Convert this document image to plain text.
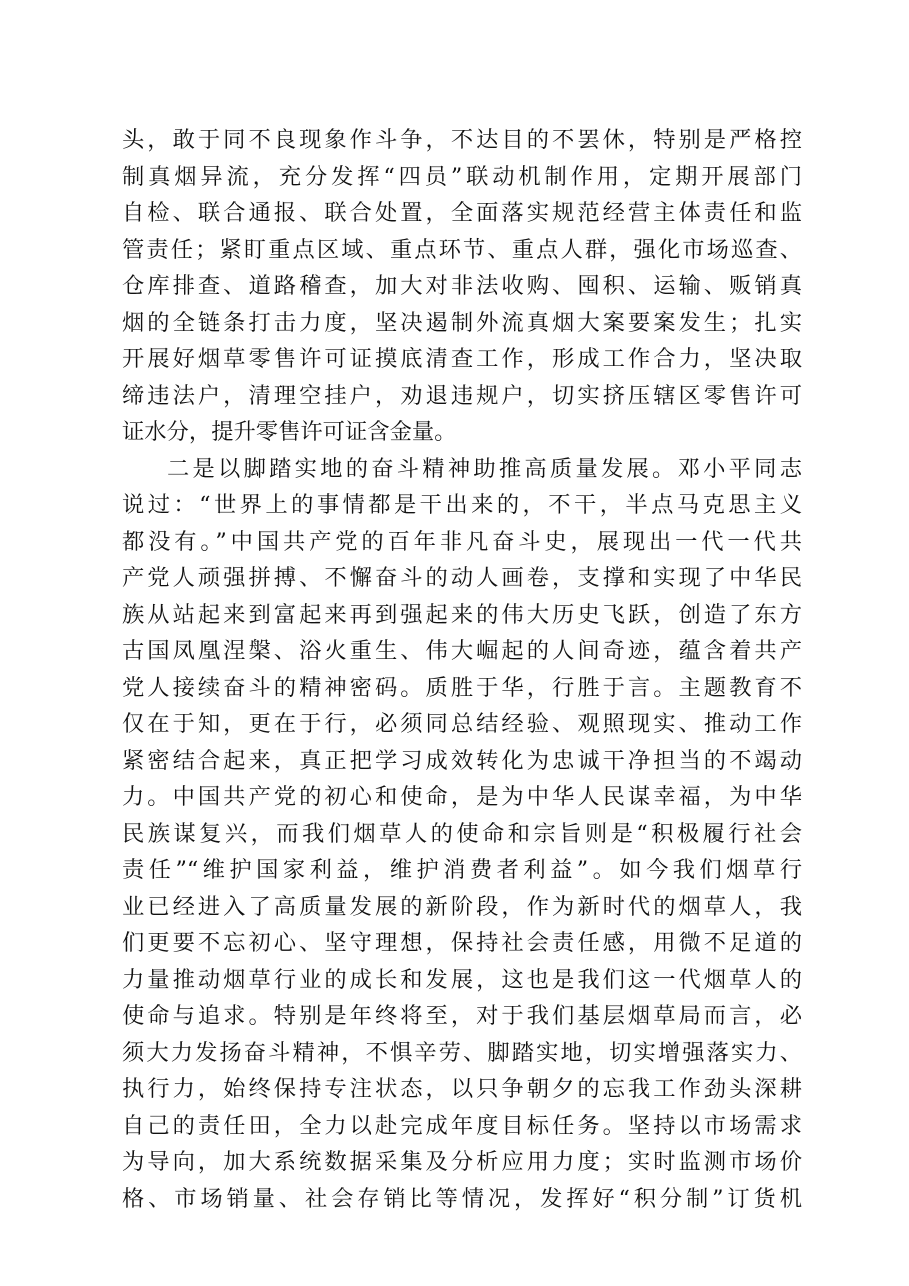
头，敢于同不良现象作斗争，不达目的不罢休，特别是严格控
制真烟异流，充分发挥“四员”联动机制作用，定期开展部门
自检、联合通报、联合处置，全面落实规范经营主体责任和监
管责任；紧盯重点区域、重点环节、重点人群，强化市场巡查、
仓库排查、道路稽查，加大对非法收购、囤积、运输、贩销真
烟的全链条打击力度，坚决遏制外流真烟大案要案发生；扎实
开展好烟草零售许可证摸底清查工作，形成工作合力，坚决取
缔违法户，清理空挂户，劝退违规户，切实挤压辖区零售许可
证水分，提升零售许可证含金量。
二是以脚踏实地的奋斗精神助推高质量发展。邓小平同志
说过：“世界上的事情都是干出来的，不干，半点马克思主义
都没有。”中国共产党的百年非凡奋斗史，展现出一代一代共
产党人顽强拼搏、不懈奋斗的动人画卷，支撑和实现了中华民
族从站起来到富起来再到强起来的伟大历史飞跃，创造了东方
古国凤凰涅槃、浴火重生、伟大崛起的人间奇迹，蕴含着共产
党人接续奋斗的精神密码。质胜于华，行胜于言。主题教育不
仅在于知，更在于行，必须同总结经验、观照现实、推动工作
紧密结合起来，真正把学习成效转化为忠诚干净担当的不竭动
力。中国共产党的初心和使命，是为中华人民谋幸福，为中华
民族谋复兴，而我们烟草人的使命和宗旨则是“积极履行社会
责任”“维护国家利益，维护消费者利益”。如今我们烟草行
业已经进入了高质量发展的新阶段，作为新时代的烟草人，我
们更要不忘初心、坚守理想，保持社会责任感，用微不足道的
力量推动烟草行业的成长和发展，这也是我们这一代烟草人的
使命与追求。特别是年终将至，对于我们基层烟草局而言，必
须大力发扬奋斗精神，不惧辛劳、脚踏实地，切实增强落实力、
执行力，始终保持专注状态，以只争朝夕的忘我工作劲头深耕
自己的责任田，全力以赴完成年度目标任务。坚持以市场需求
为导向，加大系统数据采集及分析应用力度；实时监测市场价
格、市场销量、社会存销比等情况，发挥好“积分制”订货机
